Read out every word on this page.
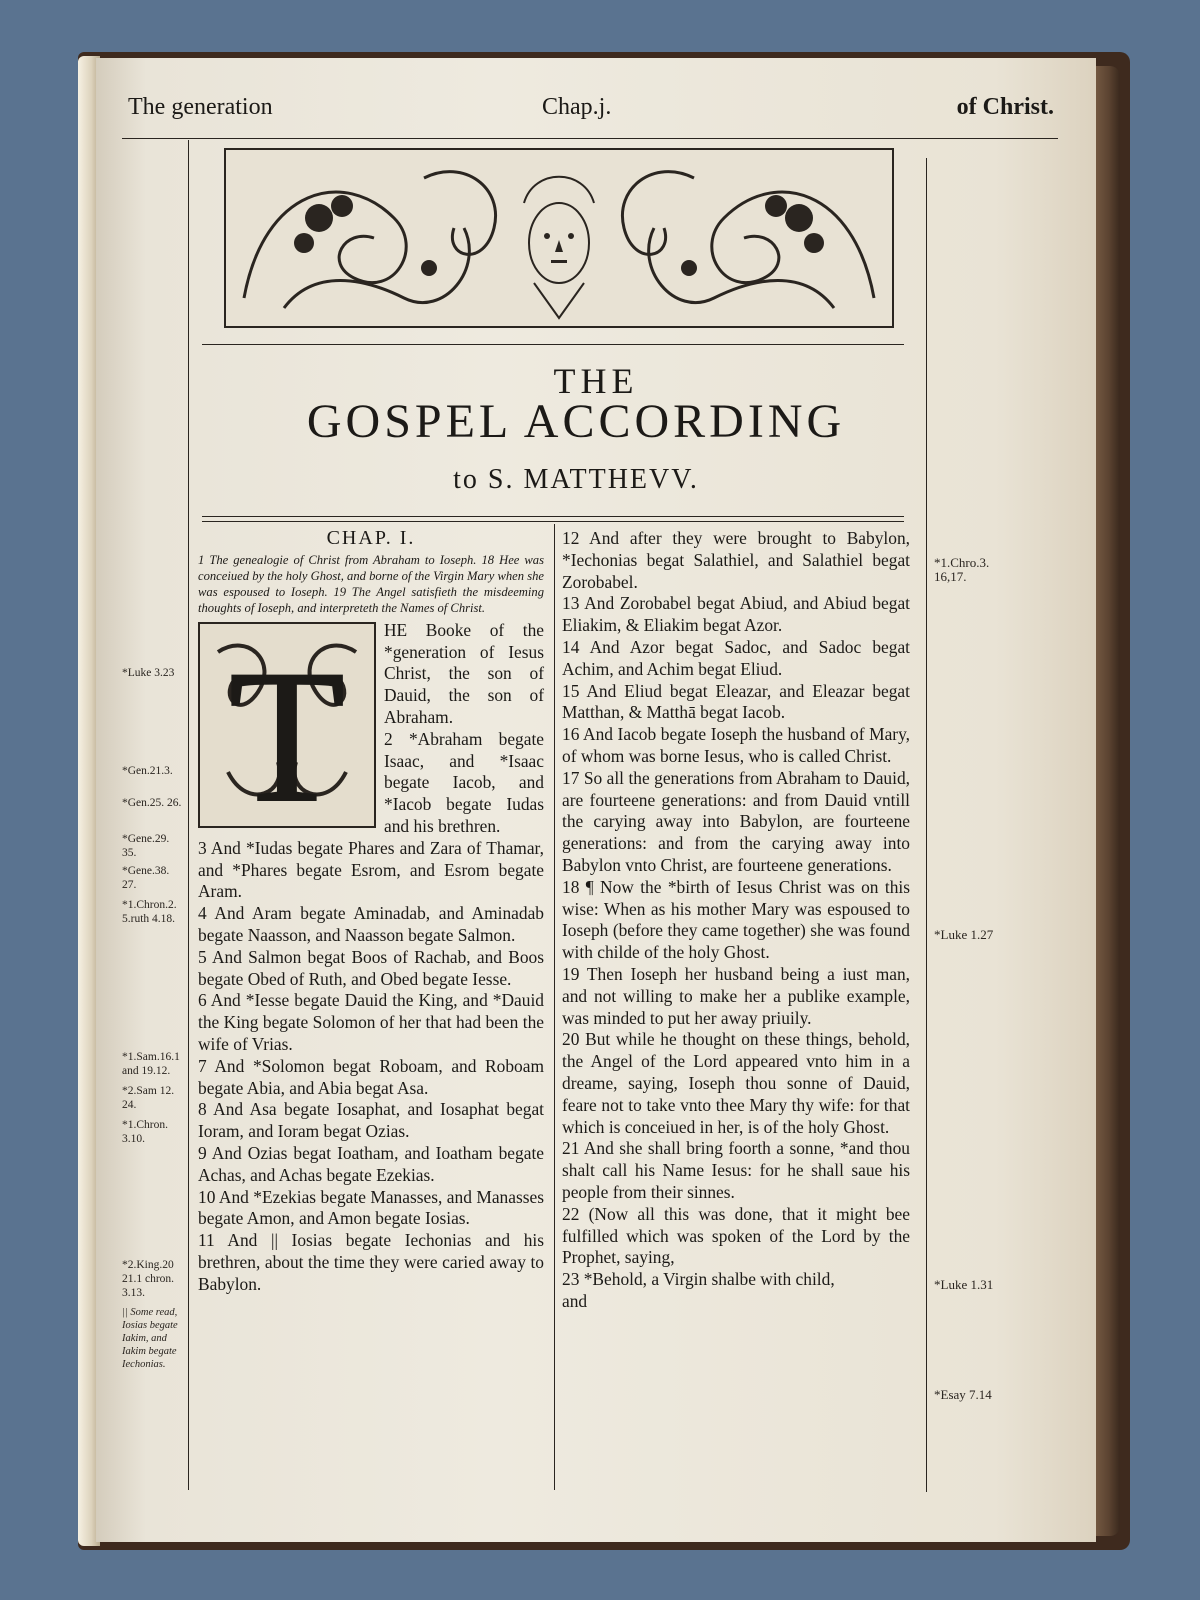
The generation	Chap.j.	of Christ.
THE
GOSPEL ACCORDING
to S. MATTHEVV.
CHAP. I.
1 The genealogie of Christ from Abraham to Ioseph. 18 Hee was conceiued by the holy Ghost, and borne of the Virgin Mary when she was espoused to Ioseph. 19 The Angel satisfieth the misdeeming thoughts of Ioseph, and interpreteth the Names of Christ.
T

HE Booke of the *generation of Iesus Christ, the son of Dauid, the son of Abraham.

2 *Abraham begate Isaac, and *Isaac begate Iacob, and *Iacob begate Iudas and his brethren.

3 And *Iudas begate Phares and Zara of Thamar, and *Phares begate Esrom, and Esrom begate Aram.

4 And Aram begate Aminadab, and Aminadab begate Naasson, and Naasson begate Salmon.

5 And Salmon begat Boos of Rachab, and Boos begate Obed of Ruth, and Obed begate Iesse.

6 And *Iesse begate Dauid the King, and *Dauid the King begate Solomon of her that had been the wife of Vrias.

7 And *Solomon begat Roboam, and Roboam begate Abia, and Abia begat Asa.

8 And Asa begate Iosaphat, and Iosaphat begat Ioram, and Ioram begat Ozias.

9 And Ozias begat Ioatham, and Ioatham begate Achas, and Achas begate Ezekias.

10 And *Ezekias begate Manasses, and Manasses begate Amon, and Amon begate Iosias.

11 And || Iosias begate Iechonias and his brethren, about the time they were caried away to Babylon.

12 And after they were brought to Babylon, *Iechonias begat Salathiel, and Salathiel begat Zorobabel.

13 And Zorobabel begat Abiud, and Abiud begat Eliakim, & Eliakim begat Azor.

14 And Azor begat Sadoc, and Sadoc begat Achim, and Achim begat Eliud.

15 And Eliud begat Eleazar, and Eleazar begat Matthan, & Matthā begat Iacob.

16 And Iacob begate Ioseph the husband of Mary, of whom was borne Iesus, who is called Christ.

17 So all the generations from Abraham to Dauid, are fourteene generations: and from Dauid vntill the carying away into Babylon, are fourteene generations: and from the carying away into Babylon vnto Christ, are fourteene generations.

18 ¶ Now the *birth of Iesus Christ was on this wise: When as his mother Mary was espoused to Ioseph (before they came together) she was found with childe of the holy Ghost.

19 Then Ioseph her husband being a iust man, and not willing to make her a publike example, was minded to put her away priuily.

20 But while he thought on these things, behold, the Angel of the Lord appeared vnto him in a dreame, saying, Ioseph thou sonne of Dauid, feare not to take vnto thee Mary thy wife: for that which is conceiued in her, is of the holy Ghost.

21 And she shall bring foorth a sonne, *and thou shalt call his Name Iesus: for he shall saue his people from their sinnes.

22 (Now all this was done, that it might bee fulfilled which was spoken of the Lord by the Prophet, saying,

23 *Behold, a Virgin shalbe with child,

and

*Luke 3.23
*Gen.21.3.
*Gen.25. 26.
*Gene.29. 35.
*Gene.38. 27.
*1.Chron.2. 5.ruth 4.18.
*1.Sam.16.1 and 19.12.
*2.Sam 12. 24.
*1.Chron. 3.10.
*2.King.20 21.1 chron. 3.13.
|| Some read, Iosias begate Iakim, and Iakim begate Iechonias.
*1.Chro.3. 16,17.
*Luke 1.27
*Luke 1.31
*Esay 7.14
